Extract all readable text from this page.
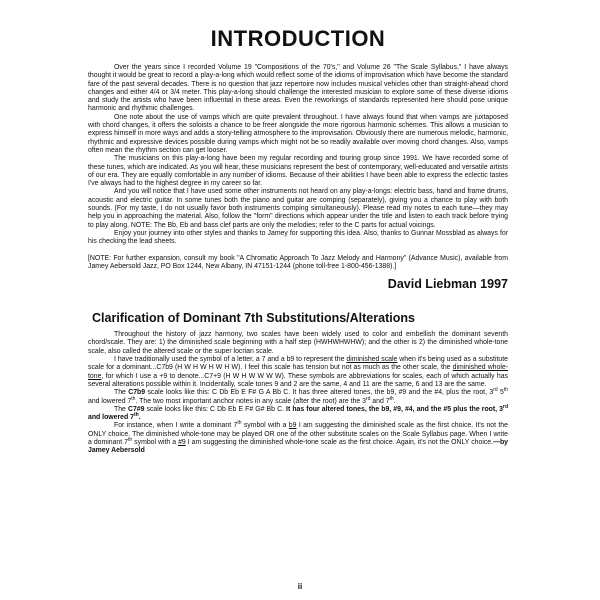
INTRODUCTION

Over the years since I recorded Volume 19 "Compositions of the 70's," and Volume 26 "The Scale Syllabus," I have always thought it would be great to record a play-a-long which would reflect some of the idioms of improvisation which have become the standard fare of the past several decades. There is no question that jazz repertoire now includes musical vehicles other than straight-ahead chord changes and either 4/4 or 3/4 meter. This play-a-long should challenge the interested musician to explore some of these diverse idioms and study the artists who have been influential in these areas. Even the reworkings of standards represented here should pose unique harmonic and rhythmic challenges.

One note about the use of vamps which are quite prevalent throughout. I have always found that when vamps are juxtaposed with chord changes, it offers the soloists a chance to be freer alongside the more rigorous harmonic schemes. This allows a musician to express himself in more ways and adds a story-telling atmosphere to the improvisation. Obviously there are numerous melodic, harmonic, rhythmic and expressive devices possible during vamps which might not be so readily available over moving chord changes. Also, vamps often mean the rhythm section can get looser.

The musicians on this play-a-long have been my regular recording and touring group since 1991. We have recorded some of these tunes, which are indicated. As you will hear, these musicians represent the best of contemporary, well-educated and versatile artists of our era. They are equally comfortable in any number of idioms. Because of their abilities I have been able to express the eclectic tastes I've always had to the highest degree in my career so far.

And you will notice that I have used some other instruments not heard on any play-a-longs: electric bass, hand and frame drums, acoustic and electric guitar. In some tunes both the piano and guitar are comping (separately), giving you a chance to play with both sounds. (For my taste, I do not usually favor both instruments comping simultaneously). Please read my notes to each tune—they may help you in approaching the material. Also, follow the "form" directions which appear under the title and listen to each track before trying to play along. NOTE: The Bb, Eb and bass clef parts are only the melodies; refer to the C parts for actual voicings.

Enjoy your journey into other styles and thanks to Jamey for supporting this idea. Also, thanks to Gunnar Mossblad as always for his checking the lead sheets.

[NOTE: For further expansion, consult my book "A Chromatic Approach To Jazz Melody and Harmony" (Advance Music), available from Jamey Aebersold Jazz, PO Box 1244, New Albany, IN 47151-1244 (phone toll-free 1-800-456-1388).]

David Liebman 1997
Clarification of Dominant 7th Substitutions/Alterations

Throughout the history of jazz harmony, two scales have been widely used to color and embellish the dominant seventh chord/scale. They are: 1) the diminished scale beginning with a half step (HWHWHWHW); and the other is 2) the diminished whole-tone scale, also called the altered scale or the super locrian scale.

I have traditionally used the symbol of a letter, a 7 and a b9 to represent the diminished scale when it's being used as a substitute scale for a dominant...C7b9 (H W H W H W H W). I feel this scale has tension but not as much as the other scale, the diminished whole-tone, for which I use a +9 to denote...C7+9 (H W H W W W W). These symbols are abbreviations for scales, each of which actually has several alterations possible within it. Incidentally, scale tones 9 and 2 are the same, 4 and 11 are the same, 6 and 13 are the same.

The C7b9 scale looks like this: C Db Eb E F# G A Bb C. It has three altered tones, the b9, #9 and the #4, plus the root, 3rd 5th and lowered 7th. The two most important anchor notes in any scale (after the root) are the 3rd and 7th.

The C7#9 scale looks like this: C Db Eb E F# G# Bb C. It has four altered tones, the b9, #9, #4, and the #5 plus the root, 3rd and lowered 7th.

For instance, when I write a dominant 7th symbol with a b9 I am suggesting the diminished scale as the first choice. It's not the ONLY choice. The diminished whole-tone may be played OR one of the other substitute scales on the Scale Syllabus page. When I write a dominant 7th symbol with a #9 I am suggesting the diminished whole-tone scale as the first choice. Again, it's not the ONLY choice.—by Jamey Aebersold

ii
